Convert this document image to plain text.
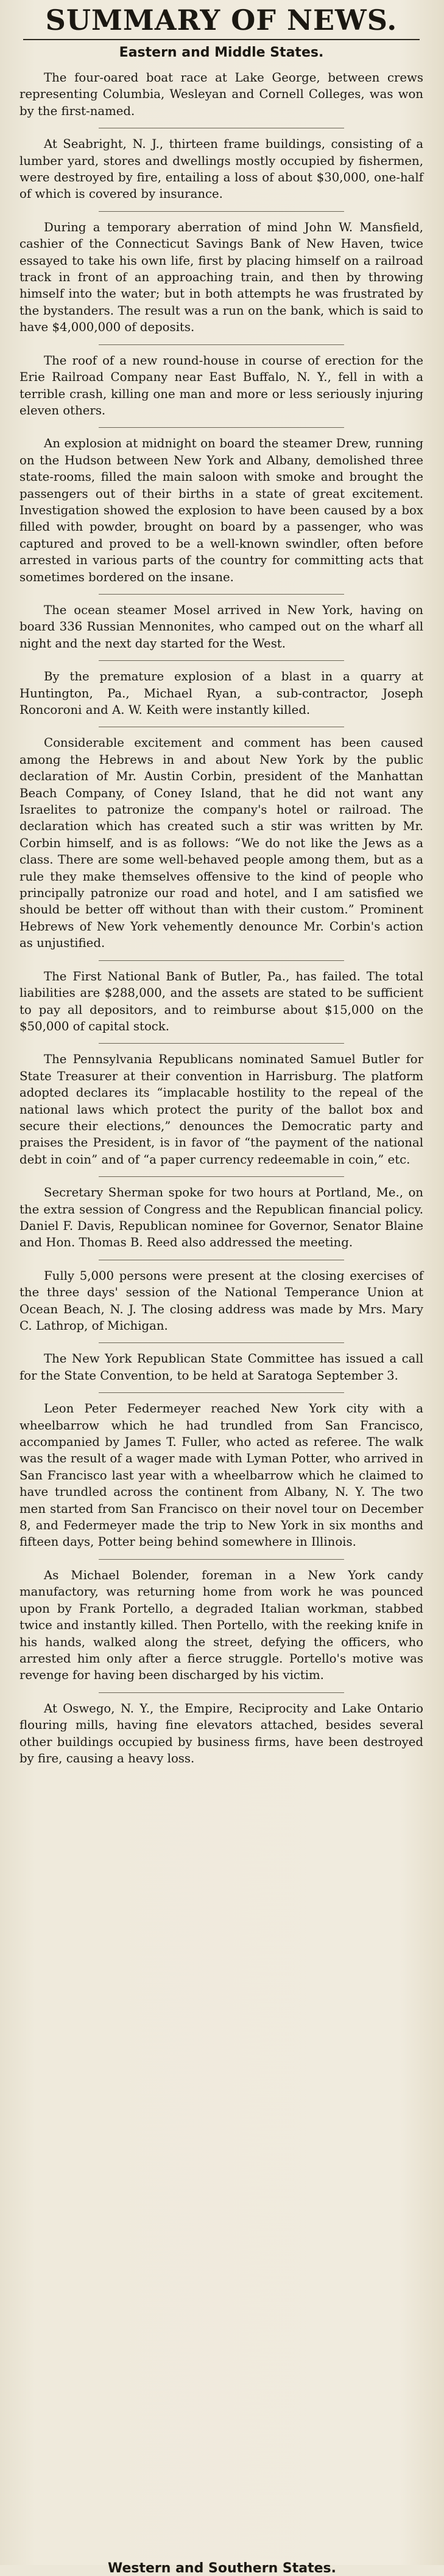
SUMMARY OF NEWS.
Eastern and Middle States.

The four-oared boat race at Lake George, between crews representing Columbia, Wesleyan and Cornell Colleges, was won by the first-named.

At Seabright, N. J., thirteen frame buildings, consisting of a lumber yard, stores and dwellings mostly occupied by fishermen, were destroyed by fire, entailing a loss of about $30,000, one-half of which is covered by insurance.

During a temporary aberration of mind John W. Mansfield, cashier of the Connecticut Savings Bank of New Haven, twice essayed to take his own life, first by placing himself on a railroad track in front of an approaching train, and then by throwing himself into the water; but in both attempts he was frustrated by the bystanders. The result was a run on the bank, which is said to have $4,000,000 of deposits.

The roof of a new round-house in course of erection for the Erie Railroad Company near East Buffalo, N. Y., fell in with a terrible crash, killing one man and more or less seriously injuring eleven others.

An explosion at midnight on board the steamer Drew, running on the Hudson between New York and Albany, demolished three state-rooms, filled the main saloon with smoke and brought the passengers out of their births in a state of great excitement. Investigation showed the explosion to have been caused by a box filled with powder, brought on board by a passenger, who was captured and proved to be a well-known swindler, often before arrested in various parts of the country for committing acts that sometimes bordered on the insane.

The ocean steamer Mosel arrived in New York, having on board 336 Russian Mennonites, who camped out on the wharf all night and the next day started for the West.

By the premature explosion of a blast in a quarry at Huntington, Pa., Michael Ryan, a sub-contractor, Joseph Roncoroni and A. W. Keith were instantly killed.

Considerable excitement and comment has been caused among the Hebrews in and about New York by the public declaration of Mr. Austin Corbin, president of the Manhattan Beach Company, of Coney Island, that he did not want any Israelites to patronize the company's hotel or railroad. The declaration which has created such a stir was written by Mr. Corbin himself, and is as follows: “We do not like the Jews as a class. There are some well-behaved people among them, but as a rule they make themselves offensive to the kind of people who principally patronize our road and hotel, and I am satisfied we should be better off without than with their custom.” Prominent Hebrews of New York vehemently denounce Mr. Corbin's action as unjustified.

The First National Bank of Butler, Pa., has failed. The total liabilities are $288,000, and the assets are stated to be sufficient to pay all depositors, and to reimburse about $15,000 on the $50,000 of capital stock.

The Pennsylvania Republicans nominated Samuel Butler for State Treasurer at their convention in Harrisburg. The platform adopted declares its “implacable hostility to the repeal of the national laws which protect the purity of the ballot box and secure their elections,” denounces the Democratic party and praises the President, is in favor of “the payment of the national debt in coin” and of “a paper currency redeemable in coin,” etc.

Secretary Sherman spoke for two hours at Portland, Me., on the extra session of Congress and the Republican financial policy. Daniel F. Davis, Republican nominee for Governor, Senator Blaine and Hon. Thomas B. Reed also addressed the meeting.

Fully 5,000 persons were present at the closing exercises of the three days' session of the National Temperance Union at Ocean Beach, N. J. The closing address was made by Mrs. Mary C. Lathrop, of Michigan.

The New York Republican State Committee has issued a call for the State Convention, to be held at Saratoga September 3.

Leon Peter Federmeyer reached New York city with a wheelbarrow which he had trundled from San Francisco, accompanied by James T. Fuller, who acted as referee. The walk was the result of a wager made with Lyman Potter, who arrived in San Francisco last year with a wheelbarrow which he claimed to have trundled across the continent from Albany, N. Y. The two men started from San Francisco on their novel tour on December 8, and Federmeyer made the trip to New York in six months and fifteen days, Potter being behind somewhere in Illinois.

As Michael Bolender, foreman in a New York candy manufactory, was returning home from work he was pounced upon by Frank Portello, a degraded Italian workman, stabbed twice and instantly killed. Then Portello, with the reeking knife in his hands, walked along the street, defying the officers, who arrested him only after a fierce struggle. Portello's motive was revenge for having been discharged by his victim.

At Oswego, N. Y., the Empire, Reciprocity and Lake Ontario flouring mills, having fine elevators attached, besides several other buildings occupied by business firms, have been destroyed by fire, causing a heavy loss.

Western and Southern States.
